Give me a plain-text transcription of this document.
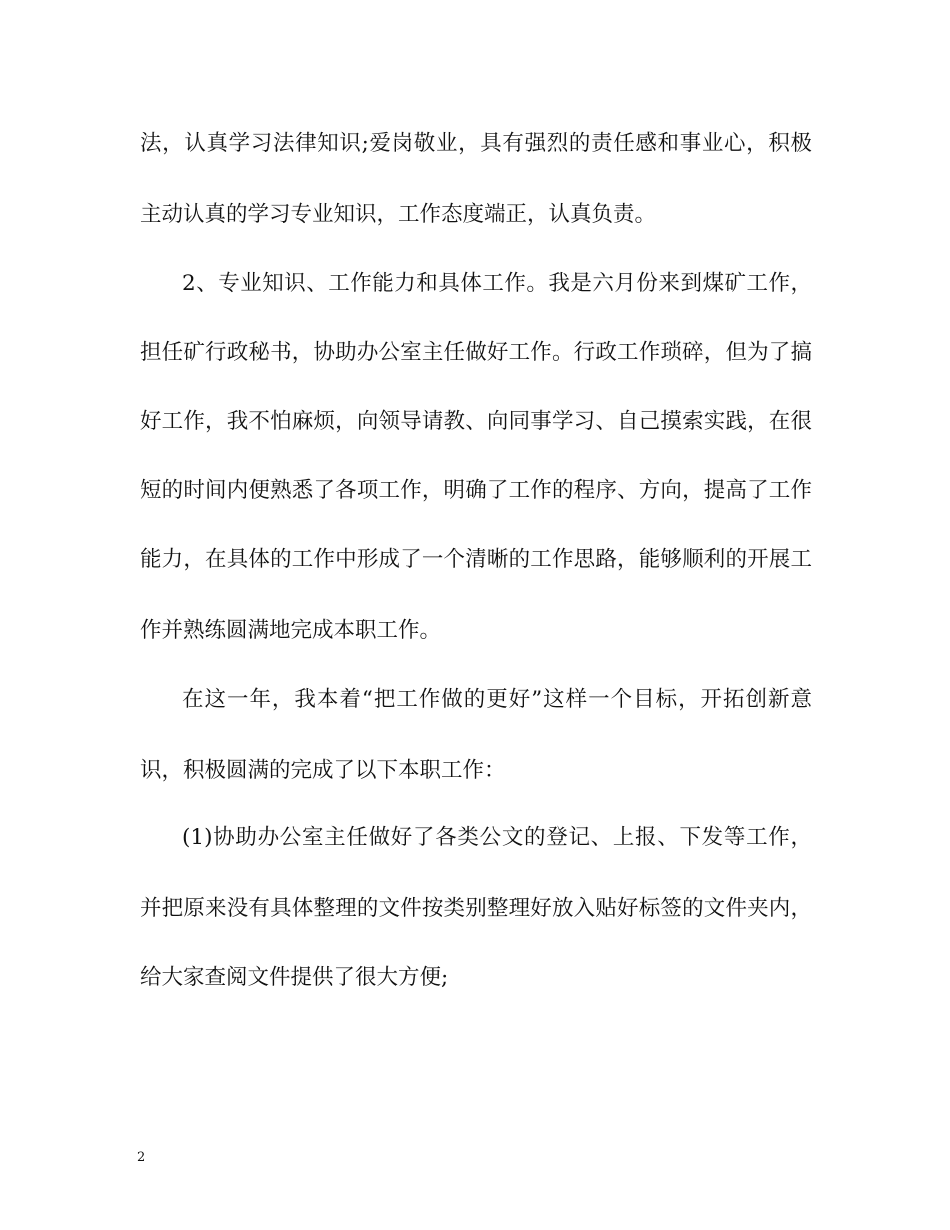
法，认真学习法律知识;爱岗敬业，具有强烈的责任感和事业心，积极
主动认真的学习专业知识，工作态度端正，认真负责。
2、专业知识、工作能力和具体工作。我是六月份来到煤矿工作，
担任矿行政秘书，协助办公室主任做好工作。行政工作琐碎，但为了搞
好工作，我不怕麻烦，向领导请教、向同事学习、自己摸索实践，在很
短的时间内便熟悉了各项工作，明确了工作的程序、方向，提高了工作
能力，在具体的工作中形成了一个清晰的工作思路，能够顺利的开展工
作并熟练圆满地完成本职工作。
在这一年，我本着“把工作做的更好”这样一个目标，开拓创新意
识，积极圆满的完成了以下本职工作：
(1)协助办公室主任做好了各类公文的登记、上报、下发等工作，
并把原来没有具体整理的文件按类别整理好放入贴好标签的文件夹内，
给大家查阅文件提供了很大方便;
2
